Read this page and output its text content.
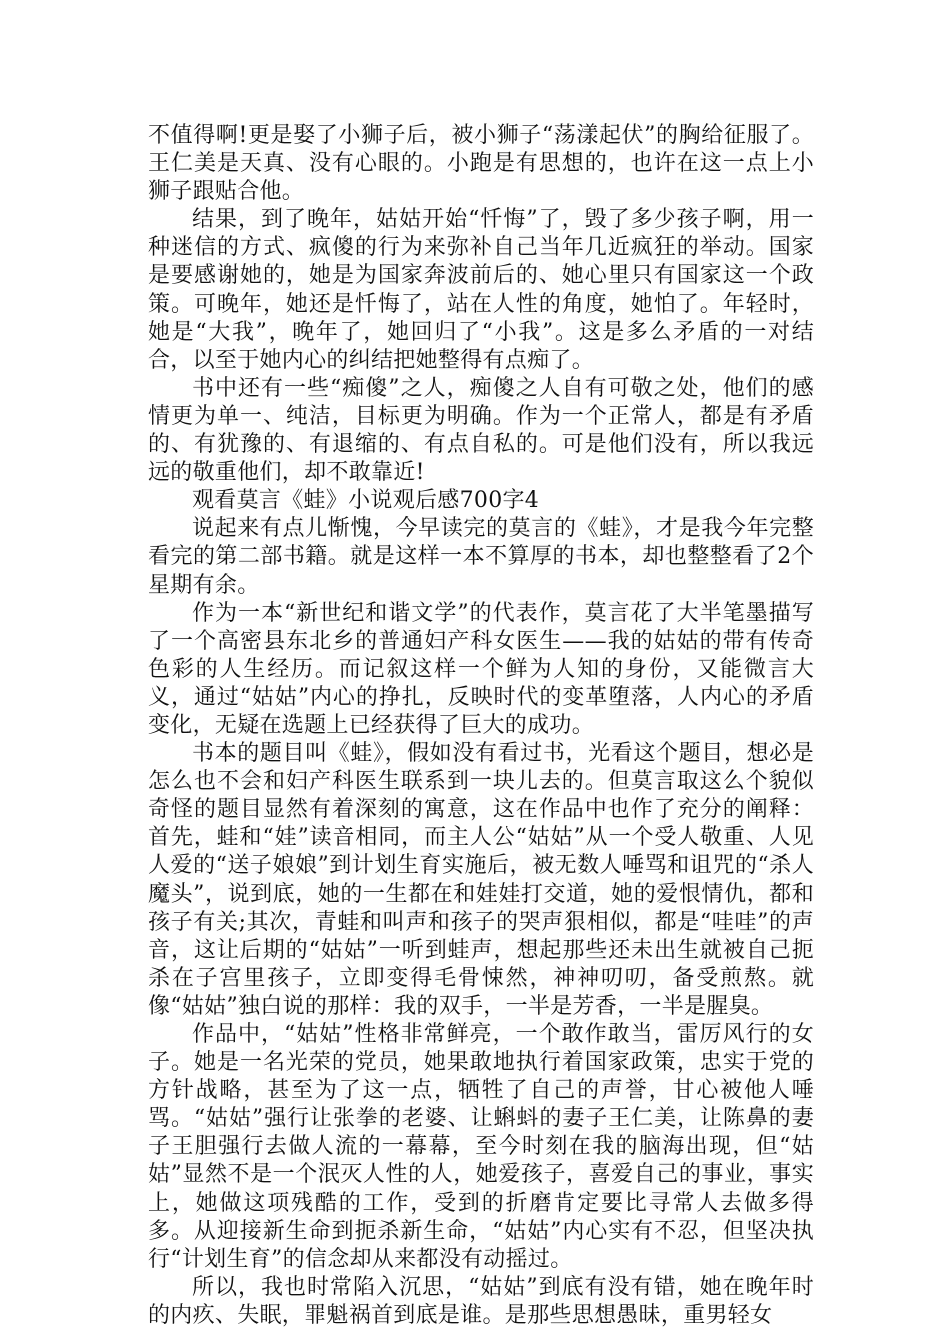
不值得啊!更是娶了小狮子后，被小狮子“荡漾起伏”的胸给征服了。王仁美是天真、没有心眼的。小跑是有思想的，也许在这一点上小狮子跟贴合他。

结果，到了晚年，姑姑开始“忏悔”了，毁了多少孩子啊，用一种迷信的方式、疯傻的行为来弥补自己当年几近疯狂的举动。国家是要感谢她的，她是为国家奔波前后的、她心里只有国家这一个政策。可晚年，她还是忏悔了，站在人性的角度，她怕了。年轻时，她是“大我”，晚年了，她回归了“小我”。这是多么矛盾的一对结合，以至于她内心的纠结把她整得有点痴了。

书中还有一些“痴傻”之人，痴傻之人自有可敬之处，他们的感情更为单一、纯洁，目标更为明确。作为一个正常人，都是有矛盾的、有犹豫的、有退缩的、有点自私的。可是他们没有，所以我远远的敬重他们，却不敢靠近!

观看莫言《蛙》小说观后感700字4

说起来有点儿惭愧，今早读完的莫言的《蛙》，才是我今年完整看完的第二部书籍。就是这样一本不算厚的书本，却也整整看了2个星期有余。

作为一本“新世纪和谐文学”的代表作，莫言花了大半笔墨描写了一个高密县东北乡的普通妇产科女医生——我的姑姑的带有传奇色彩的人生经历。而记叙这样一个鲜为人知的身份，又能微言大义，通过“姑姑”内心的挣扎，反映时代的变革堕落，人内心的矛盾变化，无疑在选题上已经获得了巨大的成功。

书本的题目叫《蛙》，假如没有看过书，光看这个题目，想必是怎么也不会和妇产科医生联系到一块儿去的。但莫言取这么个貌似奇怪的题目显然有着深刻的寓意，这在作品中也作了充分的阐释：首先，蛙和“娃”读音相同，而主人公“姑姑”从一个受人敬重、人见人爱的“送子娘娘”到计划生育实施后，被无数人唾骂和诅咒的“杀人魔头”，说到底，她的一生都在和娃娃打交道，她的爱恨情仇，都和孩子有关;其次，青蛙和叫声和孩子的哭声狠相似，都是“哇哇”的声音，这让后期的“姑姑”一听到蛙声，想起那些还未出生就被自己扼杀在子宫里孩子，立即变得毛骨悚然，神神叨叨，备受煎熬。就像“姑姑”独白说的那样：我的双手，一半是芳香，一半是腥臭。

作品中，“姑姑”性格非常鲜亮，一个敢作敢当，雷厉风行的女子。她是一名光荣的党员，她果敢地执行着国家政策，忠实于党的方针战略，甚至为了这一点，牺牲了自己的声誉，甘心被他人唾骂。“姑姑”强行让张拳的老婆、让蝌蚪的妻子王仁美，让陈鼻的妻子王胆强行去做人流的一幕幕，至今时刻在我的脑海出现，但“姑姑”显然不是一个泯灭人性的人，她爱孩子，喜爱自己的事业，事实上，她做这项残酷的工作，受到的折磨肯定要比寻常人去做多得多。从迎接新生命到扼杀新生命，“姑姑”内心实有不忍，但坚决执行“计划生育”的信念却从来都没有动摇过。

所以，我也时常陷入沉思，“姑姑”到底有没有错，她在晚年时的内疚、失眠，罪魁祸首到底是谁。是那些思想愚昧，重男轻女
